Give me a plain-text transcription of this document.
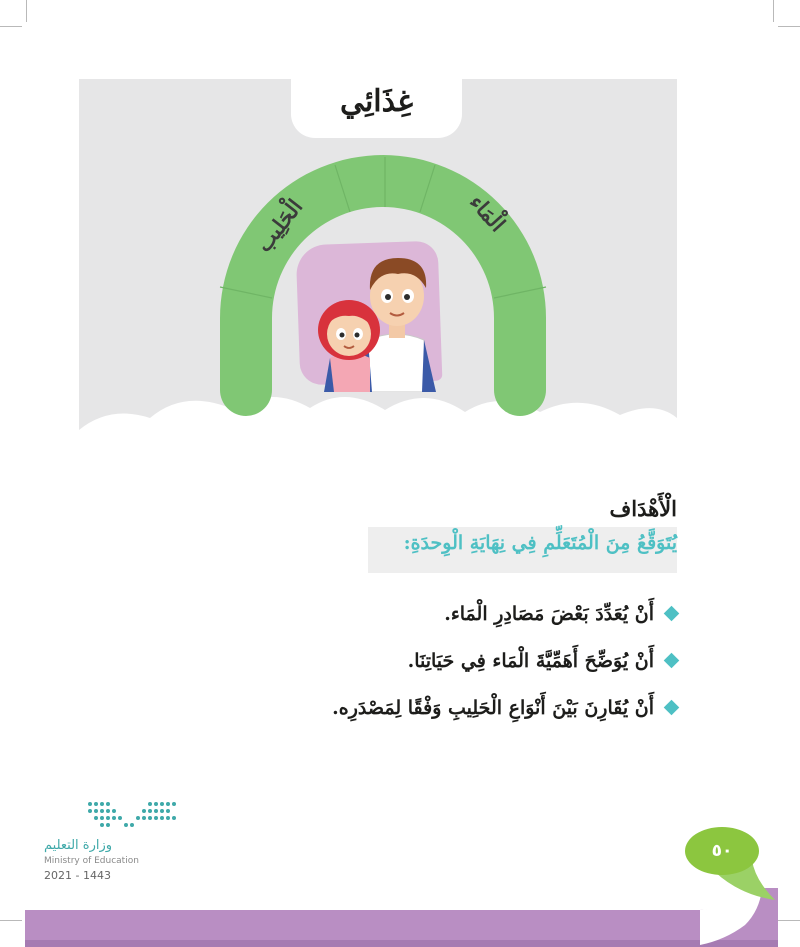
غِذَائِي
الْحَلِيب	الْمَاء
الْأَهْدَاف
يُتَوَقَّعُ مِنَ الْمُتَعَلِّمِ فِي نِهَايَةِ الْوِحدَةِ:
أَنْ يُعَدِّدَ بَعْضَ مَصَادِرِ الْمَاء.
أَنْ يُوَضِّحَ أَهَمِّيَّةَ الْمَاء فِي حَيَاتِنَا.
أَنْ يُقَارِنَ بَيْنَ أَنْوَاعِ الْحَلِيبِ وَفْقًا لِمَصْدَرِه.
وزارة التعليم
Ministry of Education
2021 - 1443
٥٠
